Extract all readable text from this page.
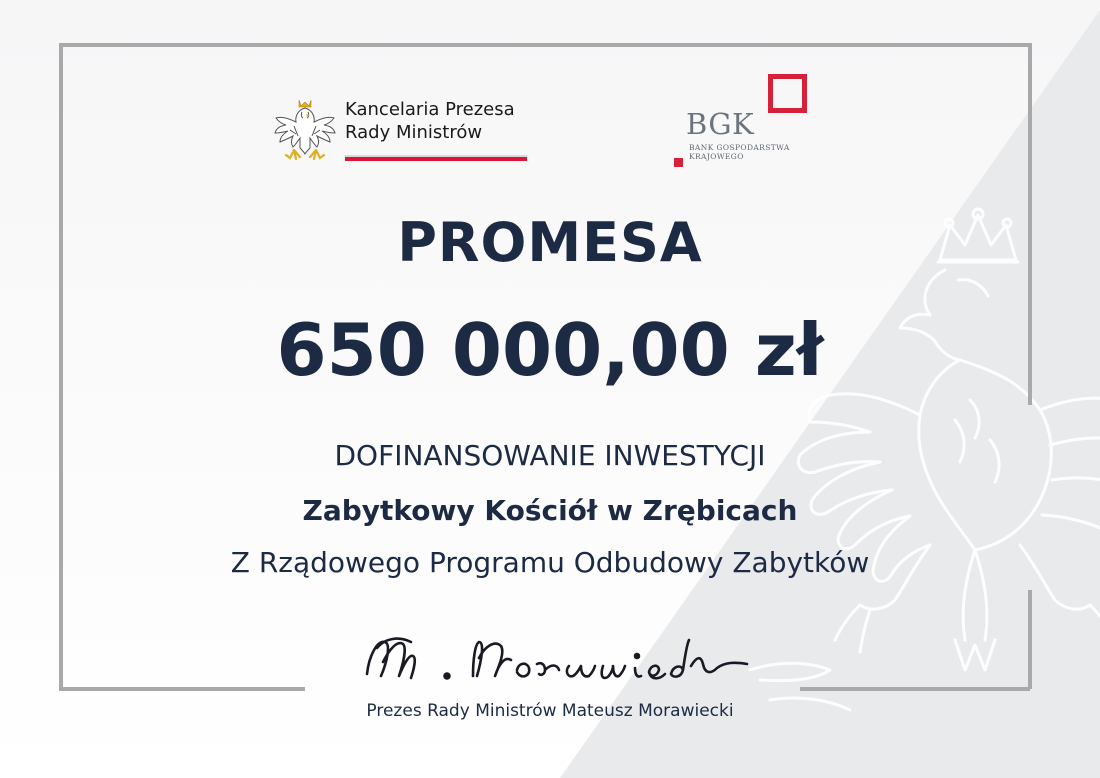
Kancelaria Prezesa
Rady Ministrów	BGK
BANK GOSPODARSTWA
KRAJOWEGO
PROMESA
650 000,00 zł
DOFINANSOWANIE INWESTYCJI
Zabytkowy Kościół w Zrębicach
Z Rządowego Programu Odbudowy Zabytków
Prezes Rady Ministrów Mateusz Morawiecki
